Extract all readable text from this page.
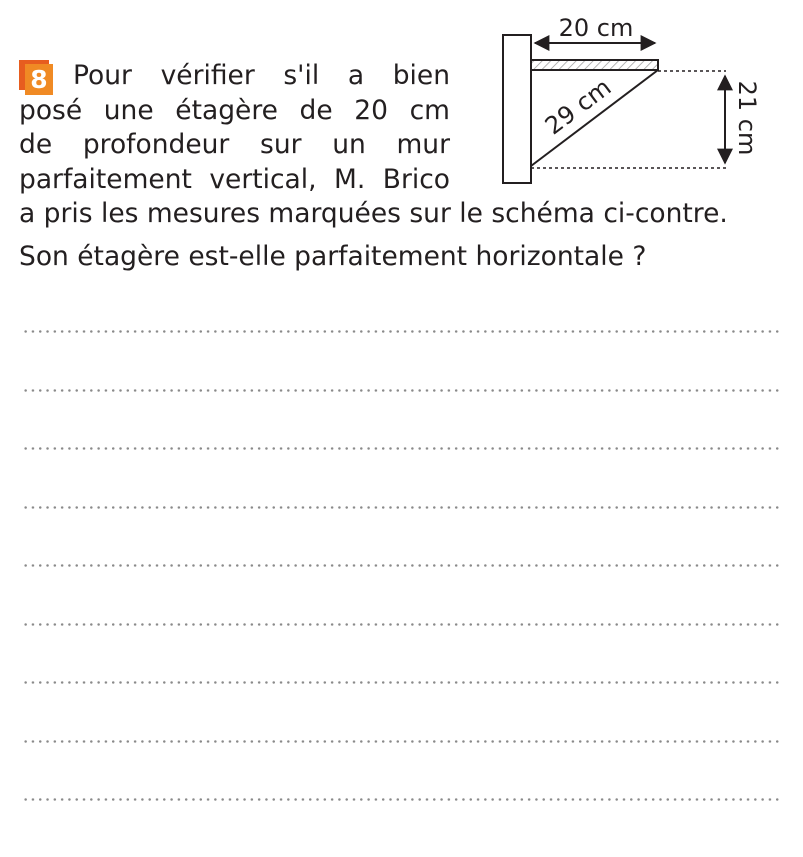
8 Pour vérifier s'il a bien

posé une étagère de 20 cm

de profondeur sur un mur

parfaitement vertical, M. Brico

a pris les mesures marquées sur le schéma ci-contre.

Son étagère est-elle parfaitement horizontale ?

20 cm
21 cm
29 cm
